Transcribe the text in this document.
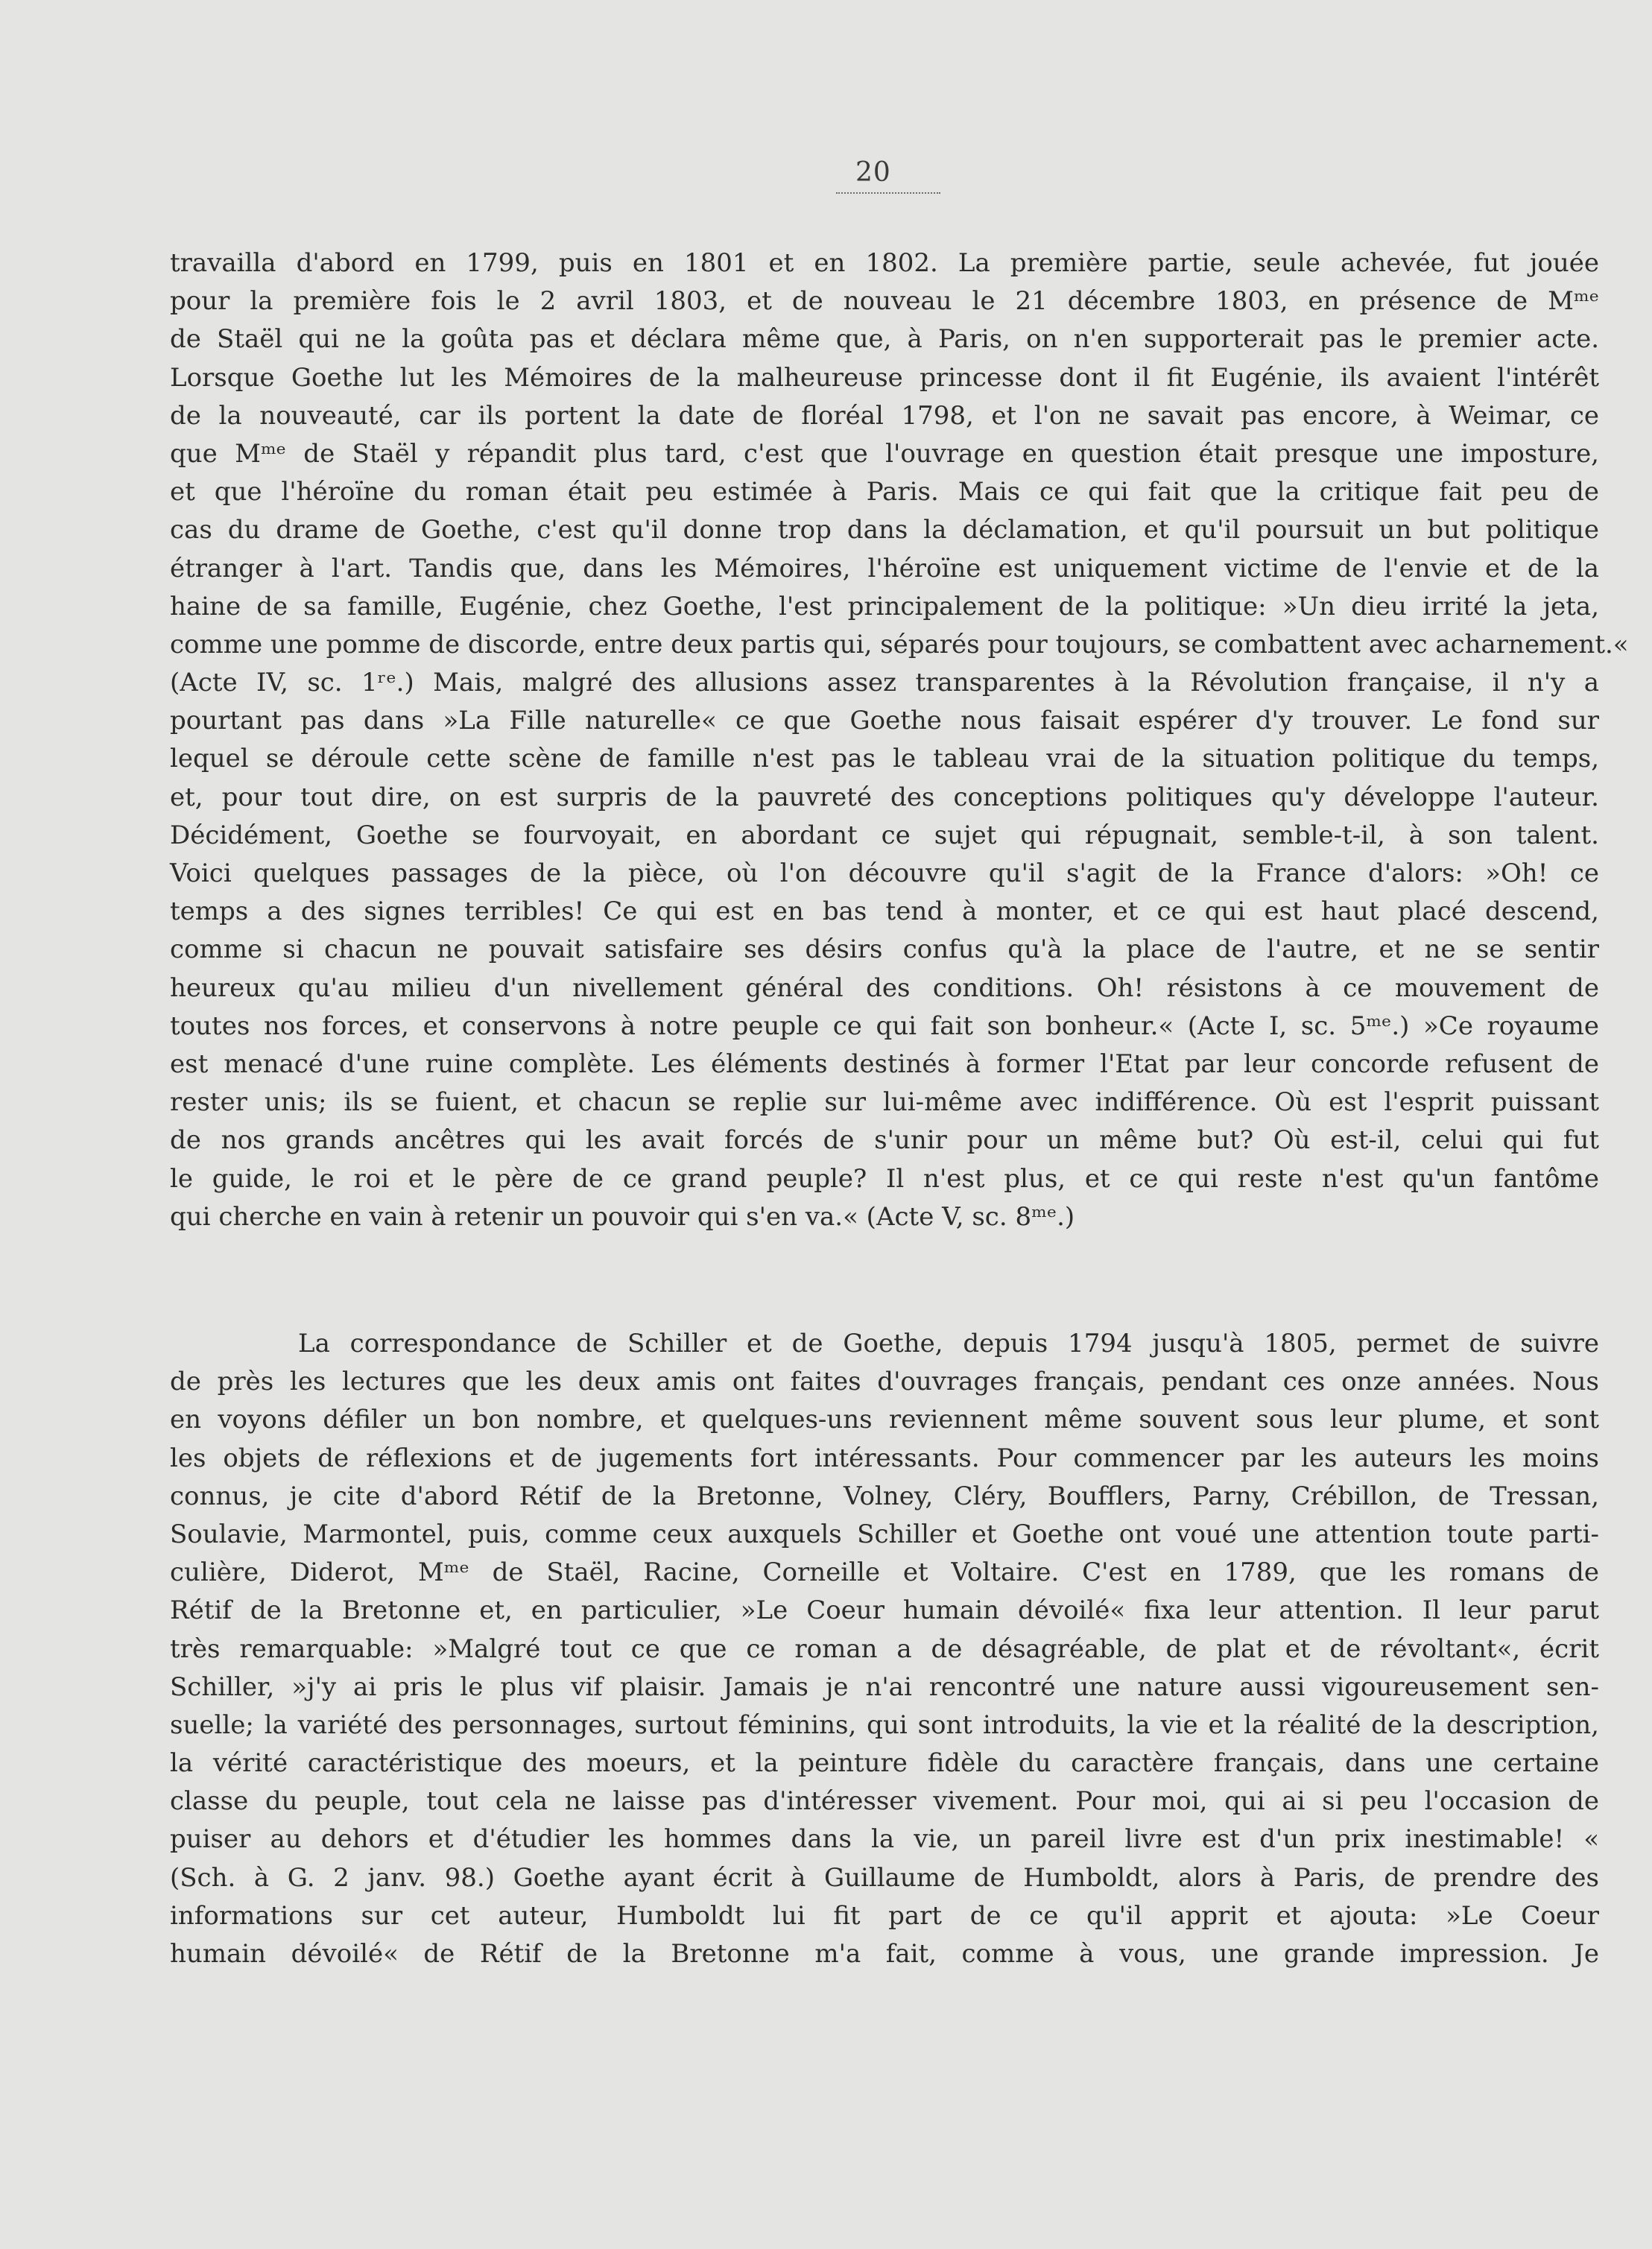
20
travailla d'abord en 1799, puis en 1801 et en 1802. La première partie, seule achevée, fut jouée
pour la première fois le 2 avril 1803, et de nouveau le 21 décembre 1803, en présence de Mᵐᵉ
de Staël qui ne la goûta pas et déclara même que, à Paris, on n'en supporterait pas le premier acte.
Lorsque Goethe lut les Mémoires de la malheureuse princesse dont il fit Eugénie, ils avaient l'intérêt
de la nouveauté, car ils portent la date de floréal 1798, et l'on ne savait pas encore, à Weimar, ce
que Mᵐᵉ de Staël y répandit plus tard, c'est que l'ouvrage en question était presque une imposture,
et que l'héroïne du roman était peu estimée à Paris. Mais ce qui fait que la critique fait peu de
cas du drame de Goethe, c'est qu'il donne trop dans la déclamation, et qu'il poursuit un but politique
étranger à l'art. Tandis que, dans les Mémoires, l'héroïne est uniquement victime de l'envie et de la
haine de sa famille, Eugénie, chez Goethe, l'est principalement de la politique: »Un dieu irrité la jeta,
comme une pomme de discorde, entre deux partis qui, séparés pour toujours, se combattent avec acharnement.«
(Acte IV, sc. 1ʳᵉ.) Mais, malgré des allusions assez transparentes à la Révolution française, il n'y a
pourtant pas dans »La Fille naturelle« ce que Goethe nous faisait espérer d'y trouver. Le fond sur
lequel se déroule cette scène de famille n'est pas le tableau vrai de la situation politique du temps,
et, pour tout dire, on est surpris de la pauvreté des conceptions politiques qu'y développe l'auteur.
Décidément, Goethe se fourvoyait, en abordant ce sujet qui répugnait, semble-t-il, à son talent.
Voici quelques passages de la pièce, où l'on découvre qu'il s'agit de la France d'alors: »Oh! ce
temps a des signes terribles! Ce qui est en bas tend à monter, et ce qui est haut placé descend,
comme si chacun ne pouvait satisfaire ses désirs confus qu'à la place de l'autre, et ne se sentir
heureux qu'au milieu d'un nivellement général des conditions. Oh! résistons à ce mouvement de
toutes nos forces, et conservons à notre peuple ce qui fait son bonheur.« (Acte I, sc. 5ᵐᵉ.) »Ce royaume
est menacé d'une ruine complète. Les éléments destinés à former l'Etat par leur concorde refusent de
rester unis; ils se fuient, et chacun se replie sur lui-même avec indifférence. Où est l'esprit puissant
de nos grands ancêtres qui les avait forcés de s'unir pour un même but? Où est-il, celui qui fut
le guide, le roi et le père de ce grand peuple? Il n'est plus, et ce qui reste n'est qu'un fantôme
qui cherche en vain à retenir un pouvoir qui s'en va.« (Acte V, sc. 8ᵐᵉ.)
La correspondance de Schiller et de Goethe, depuis 1794 jusqu'à 1805, permet de suivre
de près les lectures que les deux amis ont faites d'ouvrages français, pendant ces onze années. Nous
en voyons défiler un bon nombre, et quelques-uns reviennent même souvent sous leur plume, et sont
les objets de réflexions et de jugements fort intéressants. Pour commencer par les auteurs les moins
connus, je cite d'abord Rétif de la Bretonne, Volney, Cléry, Boufflers, Parny, Crébillon, de Tressan,
Soulavie, Marmontel, puis, comme ceux auxquels Schiller et Goethe ont voué une attention toute parti-
culière, Diderot, Mᵐᵉ de Staël, Racine, Corneille et Voltaire. C'est en 1789, que les romans de
Rétif de la Bretonne et, en particulier, »Le Coeur humain dévoilé« fixa leur attention. Il leur parut
très remarquable: »Malgré tout ce que ce roman a de désagréable, de plat et de révoltant«, écrit
Schiller, »j'y ai pris le plus vif plaisir. Jamais je n'ai rencontré une nature aussi vigoureusement sen-
suelle; la variété des personnages, surtout féminins, qui sont introduits, la vie et la réalité de la description,
la vérité caractéristique des moeurs, et la peinture fidèle du caractère français, dans une certaine
classe du peuple, tout cela ne laisse pas d'intéresser vivement. Pour moi, qui ai si peu l'occasion de
puiser au dehors et d'étudier les hommes dans la vie, un pareil livre est d'un prix inestimable! «
(Sch. à G. 2 janv. 98.) Goethe ayant écrit à Guillaume de Humboldt, alors à Paris, de prendre des
informations sur cet auteur, Humboldt lui fit part de ce qu'il apprit et ajouta: »Le Coeur
humain dévoilé« de Rétif de la Bretonne m'a fait, comme à vous, une grande impression. Je
